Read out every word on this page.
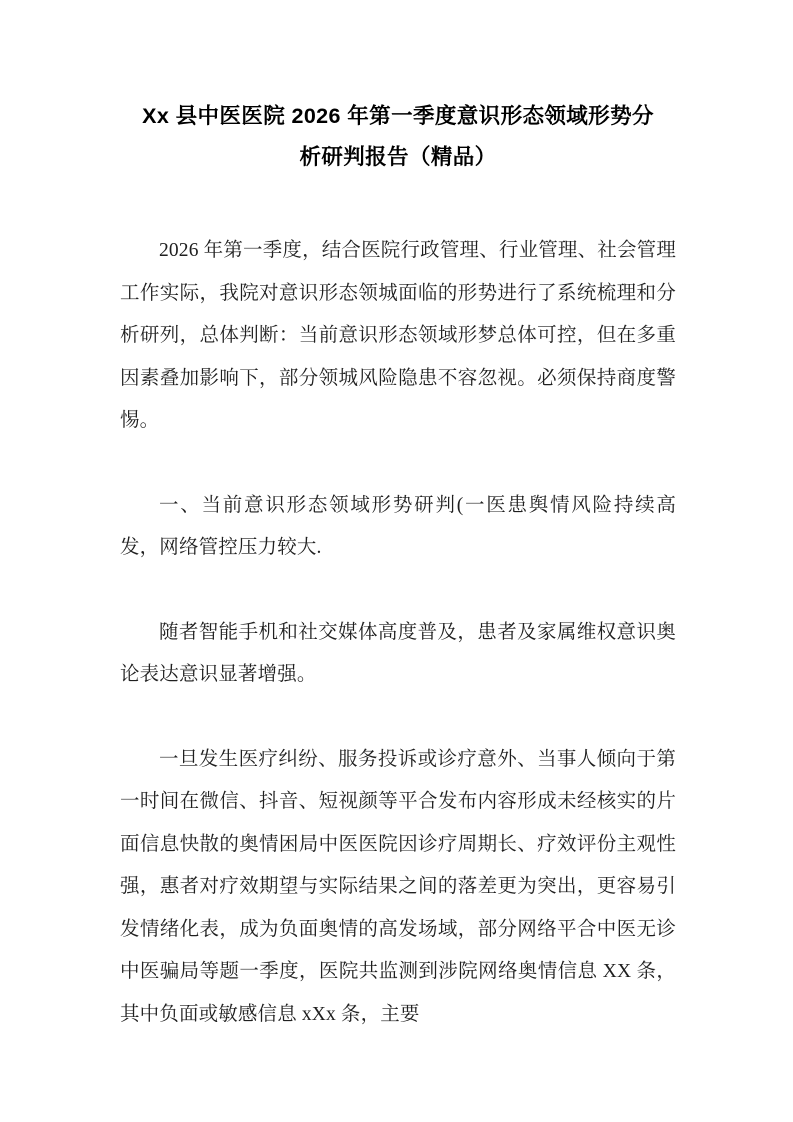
Xx 县中医医院 2026 年第一季度意识形态领域形势分
析研判报告（精品）

2026 年第一季度，结合医院行政管理、行业管理、社会管理工作实际，我院对意识形态领城面临的形势进行了系统梳理和分析研列，总体判断：当前意识形态领域形梦总体可控，但在多重因素叠加影响下，部分领城风险隐患不容忽视。必须保持商度警惕。

一、当前意识形态领域形势研判(一医患舆情风险持续高发，网络管控压力较大.

随者智能手机和社交媒体高度普及，患者及家属维权意识奥论表达意识显著增强。

一旦发生医疗纠纷、服务投诉或诊疗意外、当事人倾向于第一时间在微信、抖音、短视颜等平合发布内容形成未经核实的片面信息快散的奥情困局中医医院因诊疗周期长、疗效评份主观性强，惠者对疗效期望与实际结果之间的落差更为突出，更容易引发情绪化表，成为负面奥情的高发场域，部分网络平合中医无诊中医骗局等题一季度，医院共监测到涉院网络奥情信息 XX 条，其中负面或敏感信息 xXx 条，主要
